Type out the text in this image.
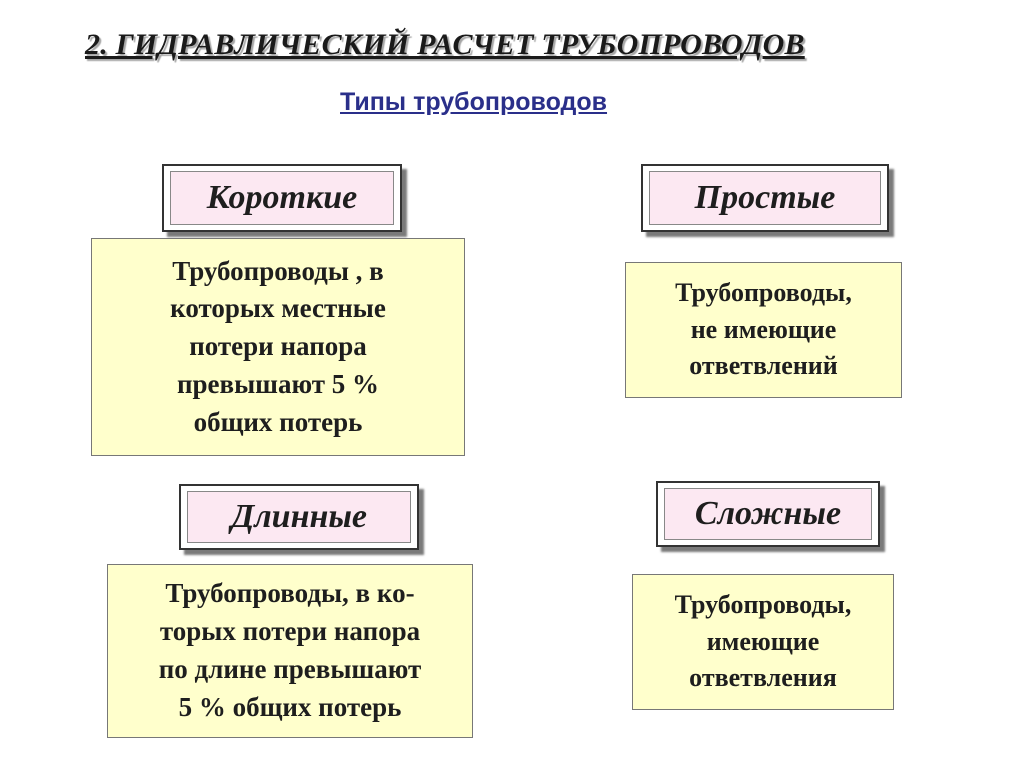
2. ГИДРАВЛИЧЕСКИЙ РАСЧЕТ ТРУБОПРОВОДОВ
Типы трубопроводов
Короткие
Трубопроводы , в
которых местные
потери напора
превышают 5 %
общих потерь
Простые
Трубопроводы,
не имеющие
ответвлений
Длинные
Трубопроводы, в ко-
торых потери напора
по длине превышают
5 % общих потерь
Сложные
Трубопроводы,
имеющие
ответвления
